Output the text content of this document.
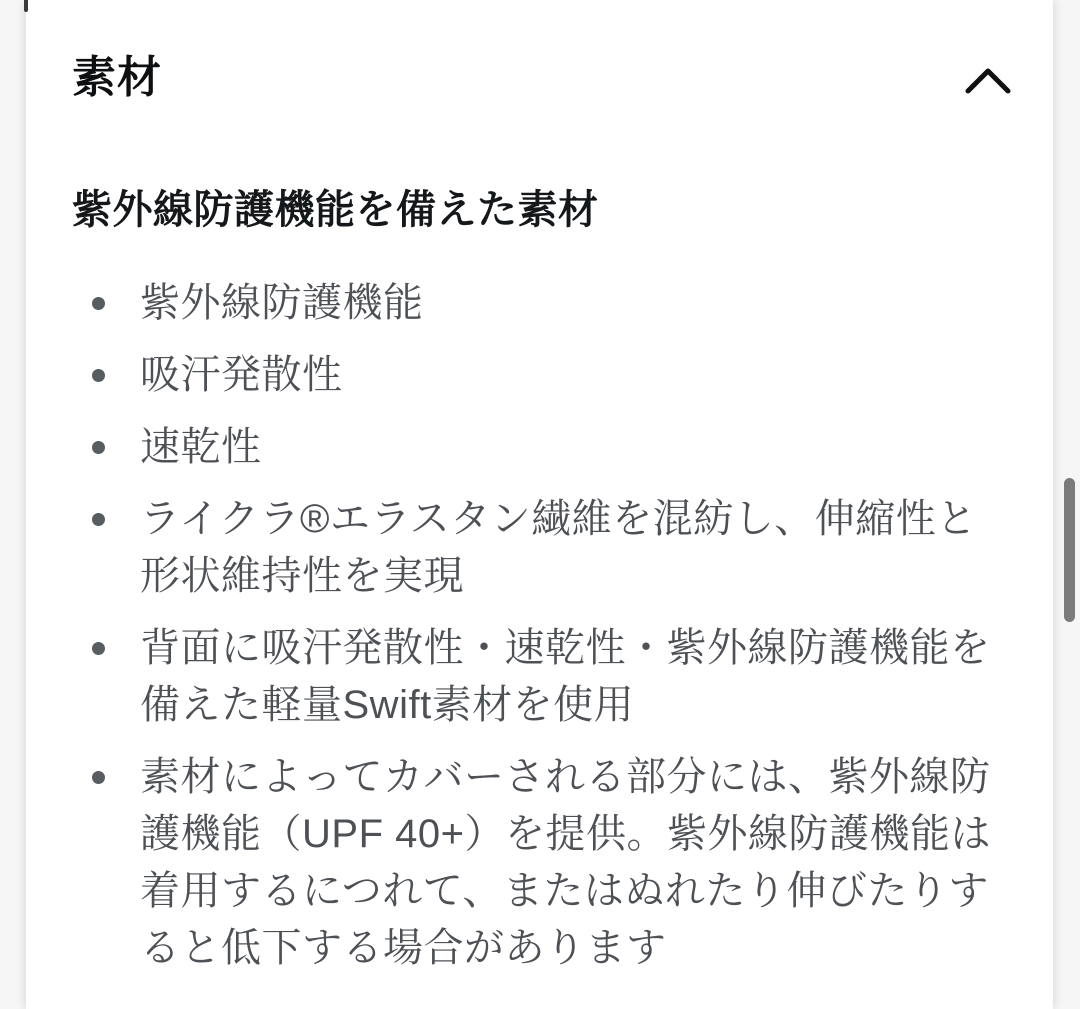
素材
紫外線防護機能を備えた素材
紫外線防護機能
吸汗発散性
速乾性
ライクラ®エラスタン繊維を混紡し、伸縮性と形状維持性を実現
背面に吸汗発散性・速乾性・紫外線防護機能を備えた軽量Swift素材を使用
素材によってカバーされる部分には、紫外線防護機能（UPF 40+）を提供。紫外線防護機能は着用するにつれて、またはぬれたり伸びたりすると低下する場合があります
